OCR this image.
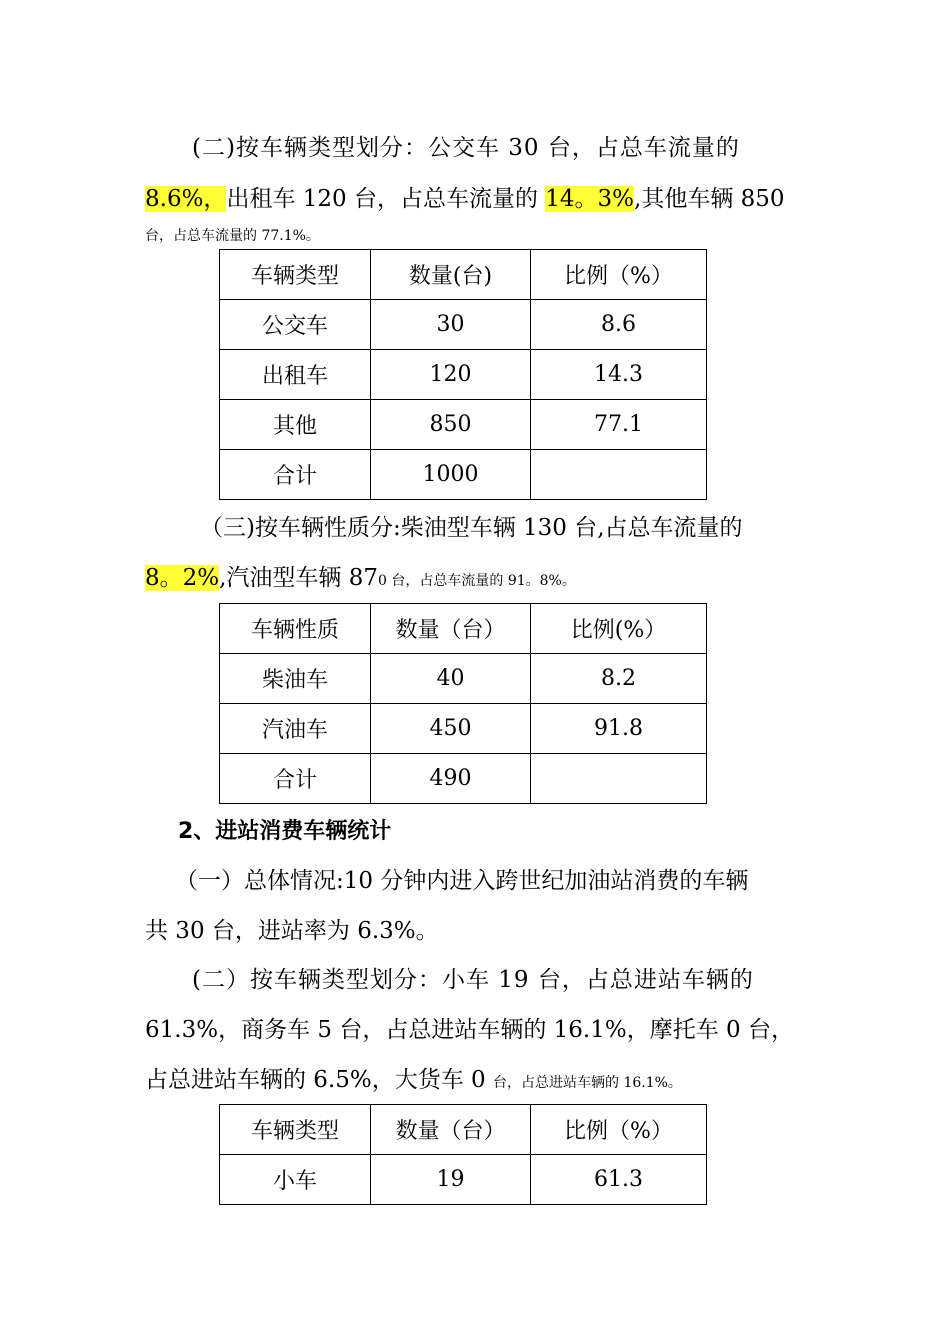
(二)按车辆类型划分：公交车 30 台，占总车流量的
8.6%，出租车 120 台，占总车流量的 14。3%,其他车辆 850
台，占总车流量的 77.1%。
车辆类型	数量(台)	比例（%）
公交车	30	8.6
出租车	120	14.3
其他	850	77.1
合计	1000	
（三)按车辆性质分:柴油型车辆 130 台,占总车流量的
8。2%,汽油型车辆 870 台，占总车流量的 91。8%。
车辆性质	数量（台）	比例(%）
柴油车	40	8.2
汽油车	450	91.8
合计	490	
2、进站消费车辆统计
（一）总体情况:10 分钟内进入跨世纪加油站消费的车辆
共 30 台，进站率为 6.3%。
(二）按车辆类型划分：小车 19 台，占总进站车辆的
61.3%，商务车 5 台，占总进站车辆的 16.1%，摩托车 0 台，
占总进站车辆的 6.5%，大货车 0 台，占总进站车辆的 16.1%。
车辆类型	数量（台）	比例（%）
小车	19	61.3
